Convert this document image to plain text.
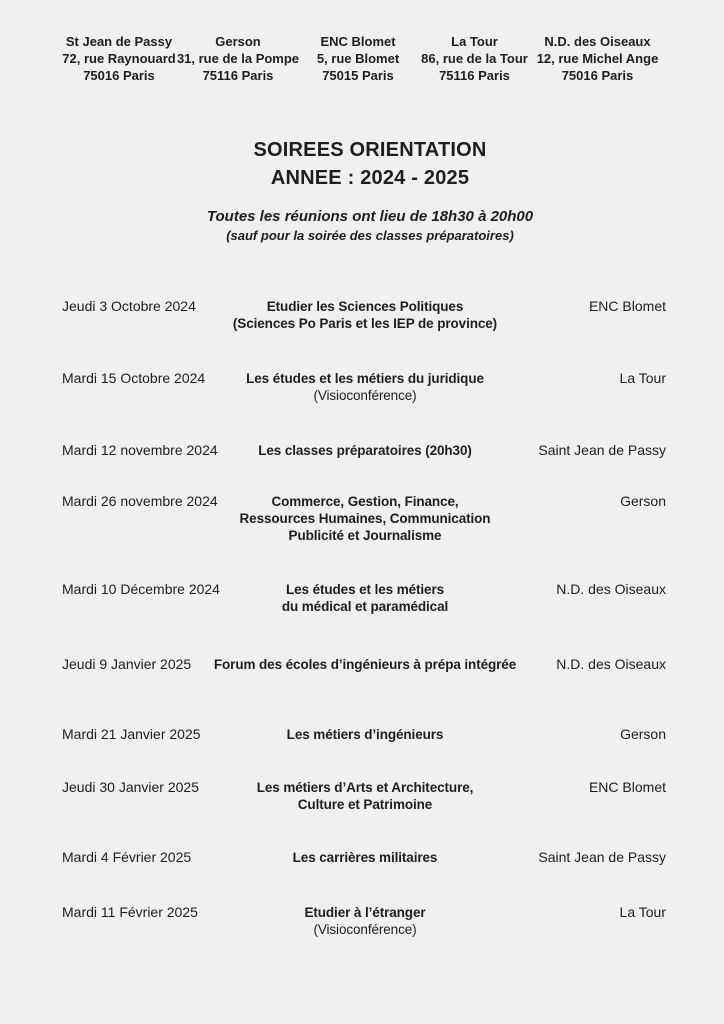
St Jean de Passy
72, rue Raynouard
75016 Paris
Gerson
31, rue de la Pompe
75116 Paris
ENC Blomet
5, rue Blomet
75015 Paris
La Tour
86, rue de la Tour
75116 Paris
N.D. des Oiseaux
12, rue Michel Ange
75016 Paris
SOIREES ORIENTATION
ANNEE : 2024 - 2025
Toutes les réunions ont lieu de 18h30 à 20h00
(sauf pour la soirée des classes préparatoires)
Jeudi 3 Octobre 2024	Etudier les Sciences Politiques
(Sciences Po Paris et les IEP de province)
ENC Blomet
Mardi 15 Octobre 2024	Les études et les métiers du juridique
(Visioconférence)
La Tour
Mardi 12 novembre 2024	Les classes préparatoires (20h30)	Saint Jean de Passy
Mardi 26 novembre 2024	Commerce, Gestion, Finance,
Ressources Humaines, Communication
Publicité et Journalisme
Gerson
Mardi 10 Décembre 2024	Les études et les métiers
du médical et paramédical
N.D. des Oiseaux
Jeudi 9 Janvier 2025	Forum des écoles d’ingénieurs à prépa intégrée	N.D. des Oiseaux
Mardi 21 Janvier 2025	Les métiers d’ingénieurs	Gerson
Jeudi 30 Janvier 2025	Les métiers d’Arts et Architecture,
Culture et Patrimoine
ENC Blomet
Mardi 4 Février 2025	Les carrières militaires	Saint Jean de Passy
Mardi 11 Février 2025	Etudier à l’étranger
(Visioconférence)
La Tour
